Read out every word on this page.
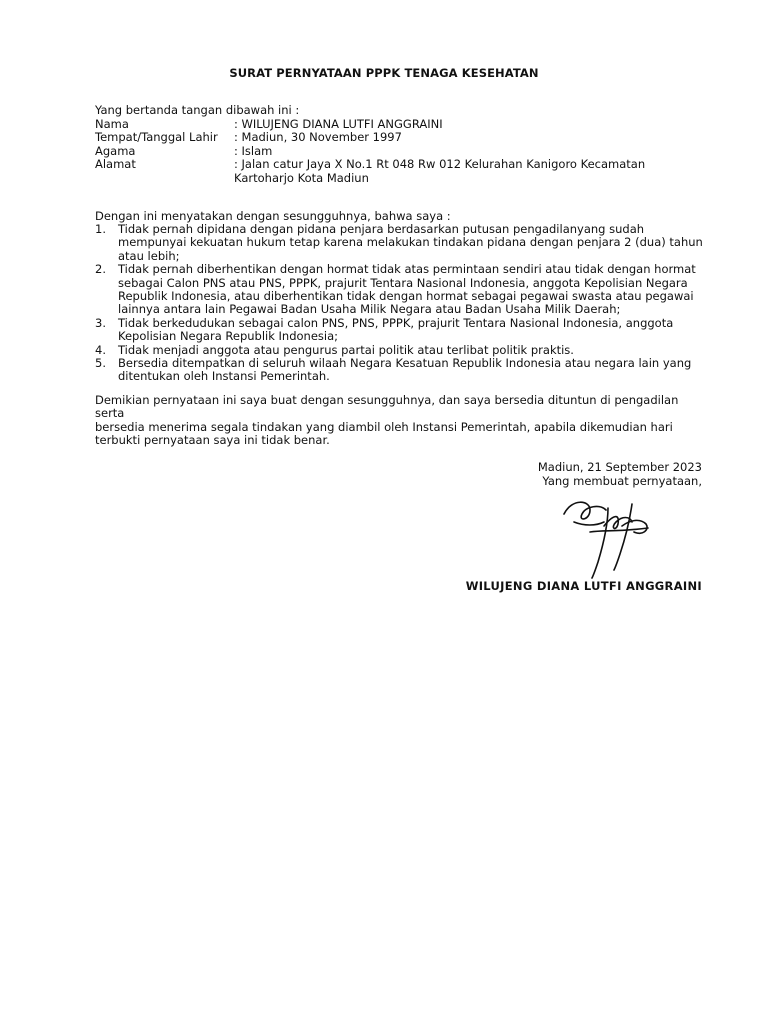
SURAT PERNYATAAN PPPK TENAGA KESEHATAN
Yang bertanda tangan dibawah ini :
Nama	: WILUJENG DIANA LUTFI ANGGRAINI
Tempat/Tanggal Lahir	: Madiun, 30 November 1997
Agama	: Islam
Alamat	: Jalan catur Jaya X No.1 Rt 048 Rw 012 Kelurahan Kanigoro Kecamatan
Kartoharjo Kota Madiun
Dengan ini menyatakan dengan sesungguhnya, bahwa saya :
1.	Tidak pernah dipidana dengan pidana penjara berdasarkan putusan pengadilanyang sudah
mempunyai kekuatan hukum tetap karena melakukan tindakan pidana dengan penjara 2 (dua) tahun
atau lebih;
2.	Tidak pernah diberhentikan dengan hormat tidak atas permintaan sendiri atau tidak dengan hormat
sebagai Calon PNS atau PNS, PPPK, prajurit Tentara Nasional Indonesia, anggota Kepolisian Negara
Republik Indonesia, atau diberhentikan tidak dengan hormat sebagai pegawai swasta atau pegawai
lainnya antara lain Pegawai Badan Usaha Milik Negara atau Badan Usaha Milik Daerah;
3.	Tidak berkedudukan sebagai calon PNS, PNS, PPPK, prajurit Tentara Nasional Indonesia, anggota
Kepolisian Negara Republik Indonesia;
4.	Tidak menjadi anggota atau pengurus partai politik atau terlibat politik praktis.
5.	Bersedia ditempatkan di seluruh wilaah Negara Kesatuan Republik Indonesia atau negara lain yang
ditentukan oleh Instansi Pemerintah.
Demikian pernyataan ini saya buat dengan sesungguhnya, dan saya bersedia dituntun di pengadilan serta
bersedia menerima segala tindakan yang diambil oleh Instansi Pemerintah, apabila dikemudian hari
terbukti pernyataan saya ini tidak benar.
Madiun, 21 September 2023
Yang membuat pernyataan,
WILUJENG DIANA LUTFI ANGGRAINI
